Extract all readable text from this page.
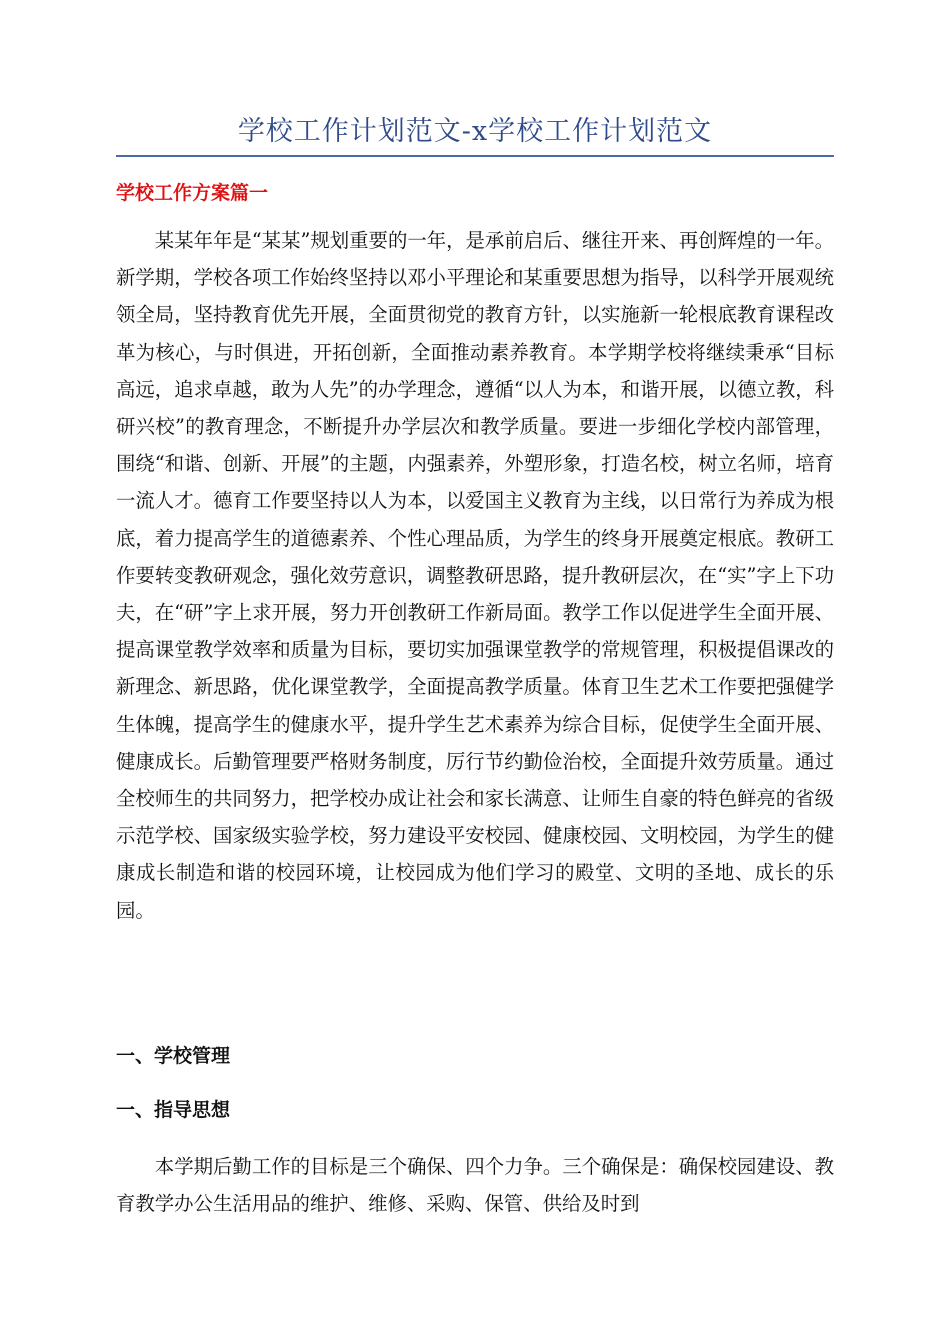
学校工作计划范文-x学校工作计划范文
学校工作方案篇一

某某年年是“某某”规划重要的一年，是承前启后、继往开来、再创辉煌的一年。新学期，学校各项工作始终坚持以邓小平理论和某重要思想为指导，以科学开展观统领全局，坚持教育优先开展，全面贯彻党的教育方针，以实施新一轮根底教育课程改革为核心，与时俱进，开拓创新，全面推动素养教育。本学期学校将继续秉承“目标高远，追求卓越，敢为人先”的办学理念，遵循“以人为本，和谐开展，以德立教，科研兴校”的教育理念，不断提升办学层次和教学质量。要进一步细化学校内部管理，围绕“和谐、创新、开展”的主题，内强素养，外塑形象，打造名校，树立名师，培育一流人才。德育工作要坚持以人为本，以爱国主义教育为主线，以日常行为养成为根底，着力提高学生的道德素养、个性心理品质，为学生的终身开展奠定根底。教研工作要转变教研观念，强化效劳意识，调整教研思路，提升教研层次，在“实”字上下功夫，在“研”字上求开展，努力开创教研工作新局面。教学工作以促进学生全面开展、提高课堂教学效率和质量为目标，要切实加强课堂教学的常规管理，积极提倡课改的新理念、新思路，优化课堂教学，全面提高教学质量。体育卫生艺术工作要把强健学生体魄，提高学生的健康水平，提升学生艺术素养为综合目标，促使学生全面开展、健康成长。后勤管理要严格财务制度，厉行节约勤俭治校，全面提升效劳质量。通过全校师生的共同努力，把学校办成让社会和家长满意、让师生自豪的特色鲜亮的省级示范学校、国家级实验学校，努力建设平安校园、健康校园、文明校园，为学生的健康成长制造和谐的校园环境，让校园成为他们学习的殿堂、文明的圣地、成长的乐园。

一、学校管理
一、指导思想

本学期后勤工作的目标是三个确保、四个力争。三个确保是：确保校园建设、教育教学办公生活用品的维护、维修、采购、保管、供给及时到
